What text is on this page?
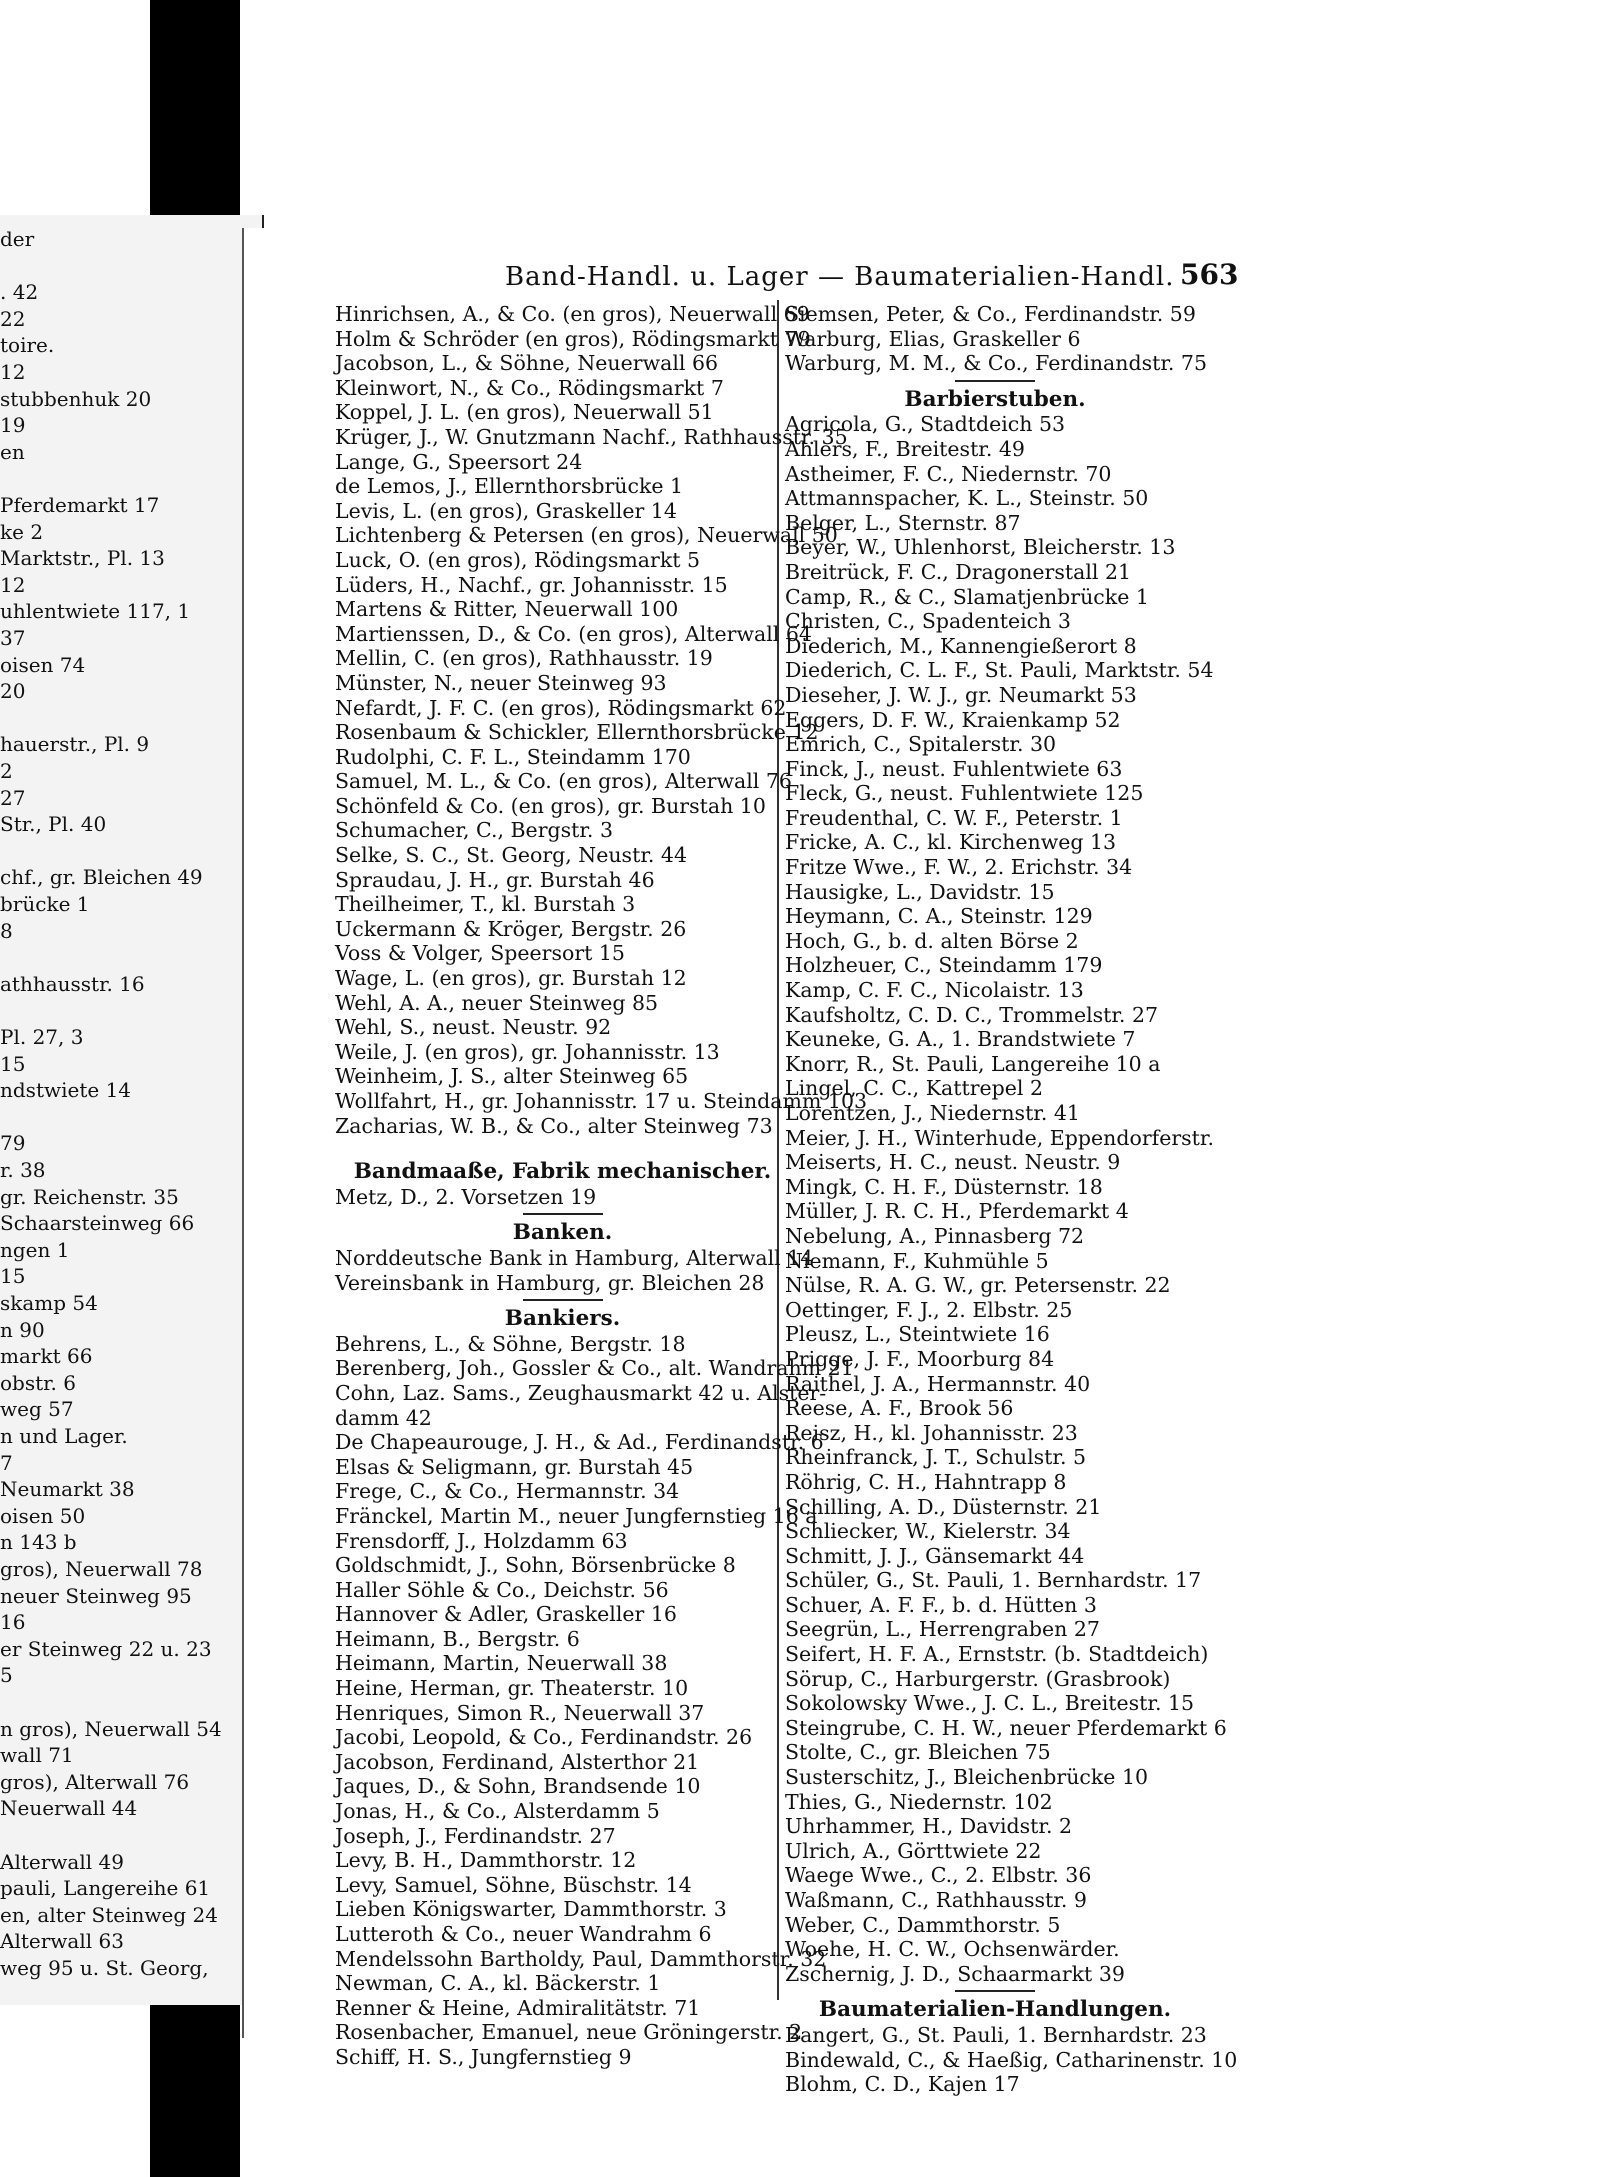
der
. 42
22
toire.
12
stubbenhuk 20
19
en
Pferdemarkt 17
ke 2
Marktstr., Pl. 13
12
uhlentwiete 117, 1
37
oisen 74
20
hauerstr., Pl. 9
2
27
Str., Pl. 40
chf., gr. Bleichen 49
brücke 1
8
athhausstr. 16
Pl. 27, 3
15
ndstwiete 14
79
r. 38
gr. Reichenstr. 35
Schaarsteinweg 66
ngen 1
15
skamp 54
n 90
markt 66
obstr. 6
weg 57
n und Lager.
7
Neumarkt 38
oisen 50
n 143 b
gros), Neuerwall 78
neuer Steinweg 95
16
er Steinweg 22 u. 23
5
n gros), Neuerwall 54
wall 71
gros), Alterwall 76
Neuerwall 44
Alterwall 49
pauli, Langereihe 61
en, alter Steinweg 24
Alterwall 63
weg 95 u. St. Georg,
Band-Handl. u. Lager — Baumaterialien-Handl. 563
Hinrichsen, A., & Co. (en gros), Neuerwall 69
Holm & Schröder (en gros), Rödingsmarkt 79
Jacobson, L., & Söhne, Neuerwall 66
Kleinwort, N., & Co., Rödingsmarkt 7
Koppel, J. L. (en gros), Neuerwall 51
Krüger, J., W. Gnutzmann Nachf., Rathhausstr. 35
Lange, G., Speersort 24
de Lemos, J., Ellernthorsbrücke 1
Levis, L. (en gros), Graskeller 14
Lichtenberg & Petersen (en gros), Neuerwall 50
Luck, O. (en gros), Rödingsmarkt 5
Lüders, H., Nachf., gr. Johannisstr. 15
Martens & Ritter, Neuerwall 100
Martienssen, D., & Co. (en gros), Alterwall 64
Mellin, C. (en gros), Rathhausstr. 19
Münster, N., neuer Steinweg 93
Nefardt, J. F. C. (en gros), Rödingsmarkt 62
Rosenbaum & Schickler, Ellernthorsbrücke 12
Rudolphi, C. F. L., Steindamm 170
Samuel, M. L., & Co. (en gros), Alterwall 76
Schönfeld & Co. (en gros), gr. Burstah 10
Schumacher, C., Bergstr. 3
Selke, S. C., St. Georg, Neustr. 44
Spraudau, J. H., gr. Burstah 46
Theilheimer, T., kl. Burstah 3
Uckermann & Kröger, Bergstr. 26
Voss & Volger, Speersort 15
Wage, L. (en gros), gr. Burstah 12
Wehl, A. A., neuer Steinweg 85
Wehl, S., neust. Neustr. 92
Weile, J. (en gros), gr. Johannisstr. 13
Weinheim, J. S., alter Steinweg 65
Wollfahrt, H., gr. Johannisstr. 17 u. Steindamm 103
Zacharias, W. B., & Co., alter Steinweg 73
Bandmaaße, Fabrik mechanischer.
Metz, D., 2. Vorsetzen 19
Banken.
Norddeutsche Bank in Hamburg, Alterwall 14
Vereinsbank in Hamburg, gr. Bleichen 28
Bankiers.
Behrens, L., & Söhne, Bergstr. 18
Berenberg, Joh., Gossler & Co., alt. Wandrahm 21
Cohn, Laz. Sams., Zeughausmarkt 42 u. Alster-
damm 42
De Chapeaurouge, J. H., & Ad., Ferdinandstr. 6
Elsas & Seligmann, gr. Burstah 45
Frege, C., & Co., Hermannstr. 34
Fränckel, Martin M., neuer Jungfernstieg 16 a
Frensdorff, J., Holzdamm 63
Goldschmidt, J., Sohn, Börsenbrücke 8
Haller Söhle & Co., Deichstr. 56
Hannover & Adler, Graskeller 16
Heimann, B., Bergstr. 6
Heimann, Martin, Neuerwall 38
Heine, Herman, gr. Theaterstr. 10
Henriques, Simon R., Neuerwall 37
Jacobi, Leopold, & Co., Ferdinandstr. 26
Jacobson, Ferdinand, Alsterthor 21
Jaques, D., & Sohn, Brandsende 10
Jonas, H., & Co., Alsterdamm 5
Joseph, J., Ferdinandstr. 27
Levy, B. H., Dammthorstr. 12
Levy, Samuel, Söhne, Büschstr. 14
Lieben Königswarter, Dammthorstr. 3
Lutteroth & Co., neuer Wandrahm 6
Mendelssohn Bartholdy, Paul, Dammthorstr. 32
Newman, C. A., kl. Bäckerstr. 1
Renner & Heine, Admiralitätstr. 71
Rosenbacher, Emanuel, neue Gröningerstr. 2
Schiff, H. S., Jungfernstieg 9
Siemsen, Peter, & Co., Ferdinandstr. 59
Warburg, Elias, Graskeller 6
Warburg, M. M., & Co., Ferdinandstr. 75
Barbierstuben.
Agricola, G., Stadtdeich 53
Ahlers, F., Breitestr. 49
Astheimer, F. C., Niedernstr. 70
Attmannspacher, K. L., Steinstr. 50
Belger, L., Sternstr. 87
Beyer, W., Uhlenhorst, Bleicherstr. 13
Breitrück, F. C., Dragonerstall 21
Camp, R., & C., Slamatjenbrücke 1
Christen, C., Spadenteich 3
Diederich, M., Kannengießerort 8
Diederich, C. L. F., St. Pauli, Marktstr. 54
Dieseher, J. W. J., gr. Neumarkt 53
Eggers, D. F. W., Kraienkamp 52
Emrich, C., Spitalerstr. 30
Finck, J., neust. Fuhlentwiete 63
Fleck, G., neust. Fuhlentwiete 125
Freudenthal, C. W. F., Peterstr. 1
Fricke, A. C., kl. Kirchenweg 13
Fritze Wwe., F. W., 2. Erichstr. 34
Hausigke, L., Davidstr. 15
Heymann, C. A., Steinstr. 129
Hoch, G., b. d. alten Börse 2
Holzheuer, C., Steindamm 179
Kamp, C. F. C., Nicolaistr. 13
Kaufsholtz, C. D. C., Trommelstr. 27
Keuneke, G. A., 1. Brandstwiete 7
Knorr, R., St. Pauli, Langereihe 10 a
Lingel, C. C., Kattrepel 2
Lorentzen, J., Niedernstr. 41
Meier, J. H., Winterhude, Eppendorferstr.
Meiserts, H. C., neust. Neustr. 9
Mingk, C. H. F., Düsternstr. 18
Müller, J. R. C. H., Pferdemarkt 4
Nebelung, A., Pinnasberg 72
Niemann, F., Kuhmühle 5
Nülse, R. A. G. W., gr. Petersenstr. 22
Oettinger, F. J., 2. Elbstr. 25
Pleusz, L., Steintwiete 16
Prigge, J. F., Moorburg 84
Raithel, J. A., Hermannstr. 40
Reese, A. F., Brook 56
Reisz, H., kl. Johannisstr. 23
Rheinfranck, J. T., Schulstr. 5
Röhrig, C. H., Hahntrapp 8
Schilling, A. D., Düsternstr. 21
Schliecker, W., Kielerstr. 34
Schmitt, J. J., Gänsemarkt 44
Schüler, G., St. Pauli, 1. Bernhardstr. 17
Schuer, A. F. F., b. d. Hütten 3
Seegrün, L., Herrengraben 27
Seifert, H. F. A., Ernststr. (b. Stadtdeich)
Sörup, C., Harburgerstr. (Grasbrook)
Sokolowsky Wwe., J. C. L., Breitestr. 15
Steingrube, C. H. W., neuer Pferdemarkt 6
Stolte, C., gr. Bleichen 75
Susterschitz, J., Bleichenbrücke 10
Thies, G., Niedernstr. 102
Uhrhammer, H., Davidstr. 2
Ulrich, A., Görttwiete 22
Waege Wwe., C., 2. Elbstr. 36
Waßmann, C., Rathhausstr. 9
Weber, C., Dammthorstr. 5
Woehe, H. C. W., Ochsenwärder.
Zschernig, J. D., Schaarmarkt 39
Baumaterialien-Handlungen.
Bangert, G., St. Pauli, 1. Bernhardstr. 23
Bindewald, C., & Haeßig, Catharinenstr. 10
Blohm, C. D., Kajen 17
